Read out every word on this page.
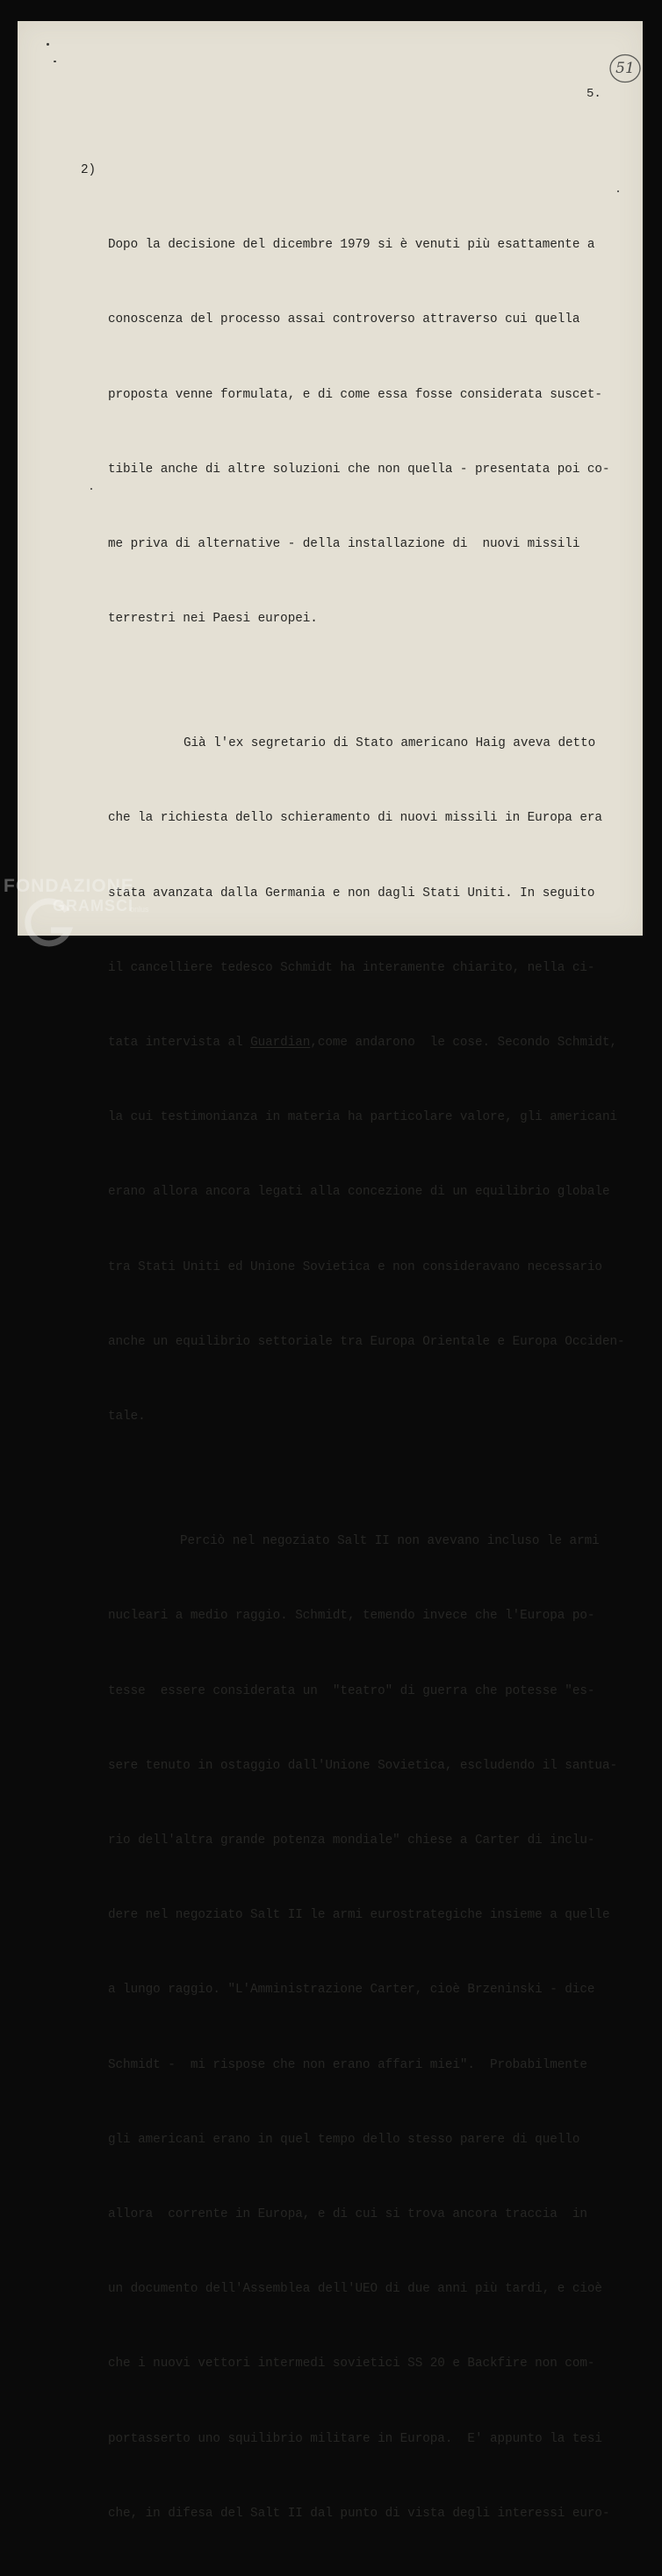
51
5.
2)

Dopo la decisione del dicembre 1979 si è venuti più esattamente a

conoscenza del processo assai controverso attraverso cui quella

proposta venne formulata, e di come essa fosse considerata suscet-

tibile anche di altre soluzioni che non quella - presentata poi co-

me priva di alternative - della installazione di  nuovi missili

terrestri nei Paesi europei.

Già l'ex segretario di Stato americano Haig aveva detto

che la richiesta dello schieramento di nuovi missili in Europa era

stata avanzata dalla Germania e non dagli Stati Uniti. In seguito

il cancelliere tedesco Schmidt ha interamente chiarito, nella ci-

tata intervista al Guardian,come andarono  le cose. Secondo Schmidt,

la cui testimonianza in materia ha particolare valore, gli americani

erano allora ancora legati alla concezione di un equilibrio globale

tra Stati Uniti ed Unione Sovietica e non consideravano necessario

anche un equilibrio settoriale tra Europa Orientale e Europa Occiden-

tale.

Perciò nel negoziato Salt II non avevano incluso le armi

nucleari a medio raggio. Schmidt, temendo invece che l'Europa po-

tesse  essere considerata un  "teatro" di guerra che potesse "es-

sere tenuto in ostaggio dall'Unione Sovietica, escludendo il santua-

rio dell'altra grande potenza mondiale" chiese a Carter di inclu-

dere nel negoziato Salt II le armi eurostrategiche insieme a quelle

a lungo raggio. "L'Amministrazione Carter, cioè Brzeninski - dice

Schmidt -  mi rispose che non erano affari miei".  Probabilmente

gli americani erano in quel tempo dello stesso parere di quello

allora  corrente in Europa, e di cui si trova ancora traccia  in

un documento dell'Assemblea dell'UEO di due anni più tardi, e cioè

che i nuovi vettori intermedi sovietici SS 20 e Backfire non com-

portasserto uno squilibrio militare in Europa.  E' appunto la tesi

che, in difesa del Salt II dal punto di vista degli interessi euro-

FONDAZIONE
GRAMSCI
onlus
